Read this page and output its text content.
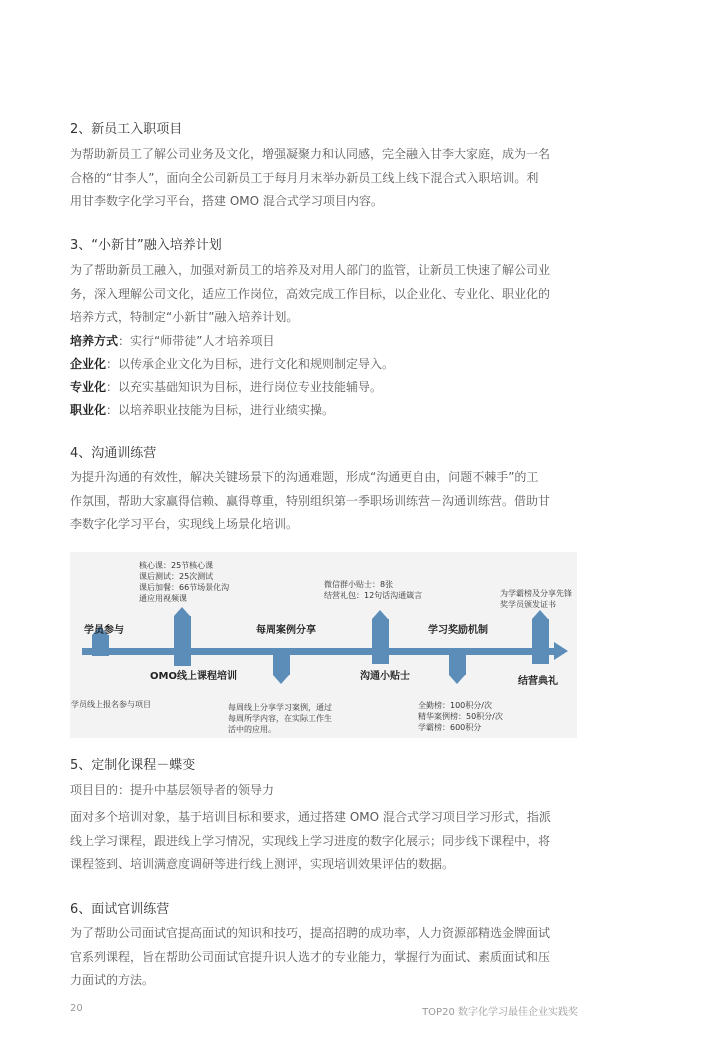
2、新员工入职项目
为帮助新员工了解公司业务及文化，增强凝聚力和认同感，完全融入甘李大家庭，成为一名
合格的“甘李人”，面向全公司新员工于每月月末举办新员工线上线下混合式入职培训。利
用甘李数字化学习平台，搭建 OMO 混合式学习项目内容。
3、“小新甘”融入培养计划
为了帮助新员工融入，加强对新员工的培养及对用人部门的监管，让新员工快速了解公司业
务，深入理解公司文化，适应工作岗位，高效完成工作目标，以企业化、专业化、职业化的
培养方式，特制定“小新甘”融入培养计划。
培养方式：实行“师带徒”人才培养项目
企业化：以传承企业文化为目标，进行文化和规则制定导入。
专业化：以充实基础知识为目标，进行岗位专业技能辅导。
职业化：以培养职业技能为目标，进行业绩实操。
4、沟通训练营
为提升沟通的有效性，解决关键场景下的沟通难题，形成“沟通更自由，问题不棘手”的工
作氛围，帮助大家赢得信赖、赢得尊重，特别组织第一季职场训练营－沟通训练营。借助甘
李数字化学习平台，实现线上场景化培训。
学员参与
学员线上报名参与项目
OMO线上课程培训
核心课：25节核心课
课后测试：25次测试
课后加餐：66节场景化沟
通应用视频课
每周案例分享
每周线上分享学习案例，通过
每周所学内容，在实际工作生
活中的应用。
沟通小贴士
微信群小贴士：8张
结营礼包：12句话沟通箴言
学习奖励机制
全勤榜：100积分/次
精华案例榜：50积分/次
学霸榜：600积分
结营典礼
为学霸榜及分享先锋
奖学员颁发证书
5、定制化课程－蝶变
项目目的：提升中基层领导者的领导力
面对多个培训对象，基于培训目标和要求，通过搭建 OMO 混合式学习项目学习形式，指派
线上学习课程，跟进线上学习情况，实现线上学习进度的数字化展示；同步线下课程中，将
课程签到、培训满意度调研等进行线上测评，实现培训效果评估的数据。
6、面试官训练营
为了帮助公司面试官提高面试的知识和技巧，提高招聘的成功率，人力资源部精选金牌面试
官系列课程，旨在帮助公司面试官提升识人选才的专业能力，掌握行为面试、素质面试和压
力面试的方法。
20	TOP20 数字化学习最佳企业实践奖
